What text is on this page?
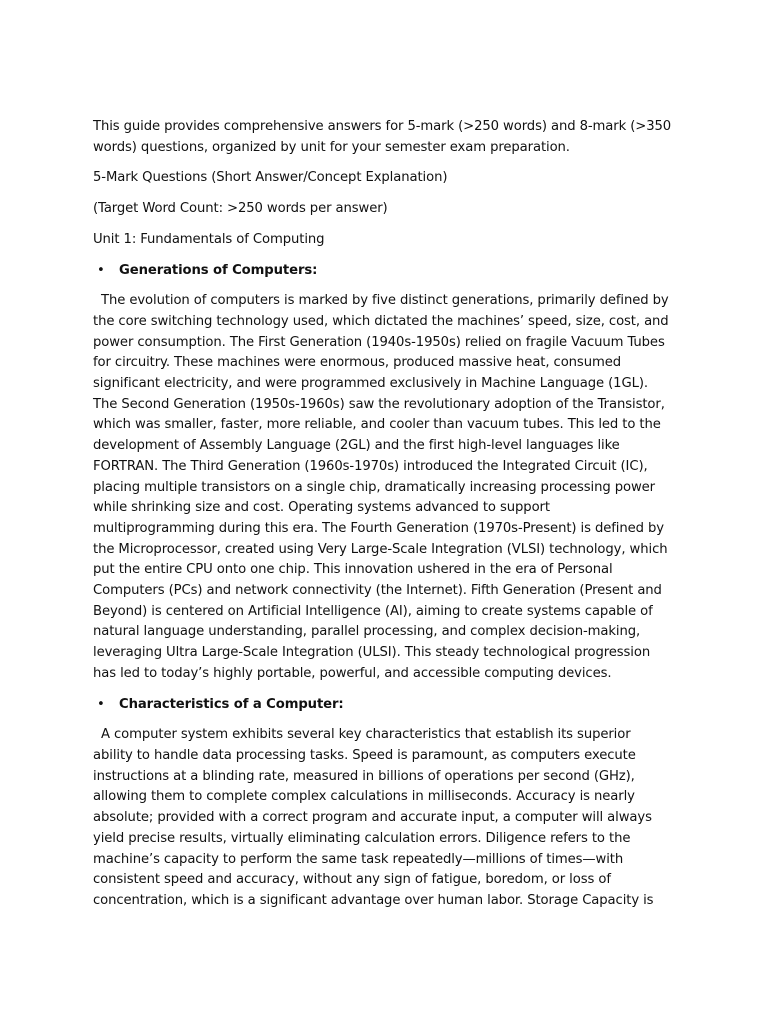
This guide provides comprehensive answers for 5-mark (>250 words) and 8-mark (>350 words) questions, organized by unit for your semester exam preparation.

5-Mark Questions (Short Answer/Concept Explanation)

(Target Word Count: >250 words per answer)

Unit 1: Fundamentals of Computing

• Generations of Computers:

The evolution of computers is marked by five distinct generations, primarily defined by the core switching technology used, which dictated the machines’ speed, size, cost, and power consumption. The First Generation (1940s-1950s) relied on fragile Vacuum Tubes for circuitry. These machines were enormous, produced massive heat, consumed significant electricity, and were programmed exclusively in Machine Language (1GL). The Second Generation (1950s-1960s) saw the revolutionary adoption of the Transistor, which was smaller, faster, more reliable, and cooler than vacuum tubes. This led to the development of Assembly Language (2GL) and the first high-level languages like FORTRAN. The Third Generation (1960s-1970s) introduced the Integrated Circuit (IC), placing multiple transistors on a single chip, dramatically increasing processing power while shrinking size and cost. Operating systems advanced to support multiprogramming during this era. The Fourth Generation (1970s-Present) is defined by the Microprocessor, created using Very Large-Scale Integration (VLSI) technology, which put the entire CPU onto one chip. This innovation ushered in the era of Personal Computers (PCs) and network connectivity (the Internet). Fifth Generation (Present and Beyond) is centered on Artificial Intelligence (AI), aiming to create systems capable of natural language understanding, parallel processing, and complex decision-making, leveraging Ultra Large-Scale Integration (ULSI). This steady technological progression has led to today’s highly portable, powerful, and accessible computing devices.

• Characteristics of a Computer:

A computer system exhibits several key characteristics that establish its superior ability to handle data processing tasks. Speed is paramount, as computers execute instructions at a blinding rate, measured in billions of operations per second (GHz), allowing them to complete complex calculations in milliseconds. Accuracy is nearly absolute; provided with a correct program and accurate input, a computer will always yield precise results, virtually eliminating calculation errors. Diligence refers to the machine’s capacity to perform the same task repeatedly—millions of times—with consistent speed and accuracy, without any sign of fatigue, boredom, or loss of concentration, which is a significant advantage over human labor. Storage Capacity is
